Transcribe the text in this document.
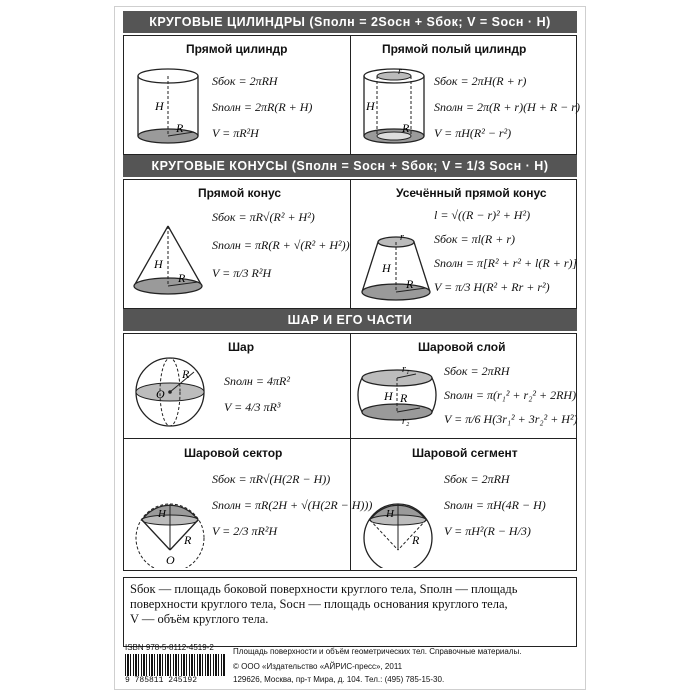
КРУГОВЫЕ ЦИЛИНДРЫ (Sполн = 2Sосн + Sбок; V = Sосн · H)
Прямой цилиндр
H
R
Sбок = 2πRH
Sполн = 2πR(R + H)
V = πR²H
Прямой полый цилиндр
H
r
R
Sбок = 2πH(R + r)
Sполн = 2π(R + r)(H + R − r)
V = πH(R² − r²)
КРУГОВЫЕ КОНУСЫ (Sполн = Sосн + Sбок; V = 1/3 Sосн · H)
Прямой конус
H
R
Sбок = πR√(R² + H²)
Sполн = πR(R + √(R² + H²))
V = π/3 R²H
Усечённый прямой конус
H
r
R
l = √((R − r)² + H²)
Sбок = πl(R + r)
Sполн = π[R² + r² + l(R + r)]
V = π/3 H(R² + Rr + r²)
ШАР И ЕГО ЧАСТИ
Шар
O
R	Sполн = 4πR²
V = 4/3 πR³
Шаровой слой
r₁
H R
r₂
Sбок = 2πRH
Sполн = π(r₁² + r₂² + 2RH)
V = π/6 H(3r₁² + 3r₂² + H²)
Шаровой сектор
H
R
O
Sбок = πR√(H(2R − H))
Sполн = πR(2H + √(H(2R − H)))
V = 2/3 πR²H
Шаровой сегмент
H
R
Sбок = 2πRH
Sполн = πH(4R − H)
V = πH²(R − H/3)
Sбок — площадь боковой поверхности круглого тела, Sполн — площадь
поверхности круглого тела, Sосн — площадь основания круглого тела,
V — объём круглого тела.
ISBN 978-5-8112-4519-2
9 785811 245192
Площадь поверхности и объём геометрических тел. Справочные материалы.
© ООО «Издательство «АЙРИС-пресс», 2011
129626, Москва, пр-т Мира, д. 104. Тел.: (495) 785-15-30.
